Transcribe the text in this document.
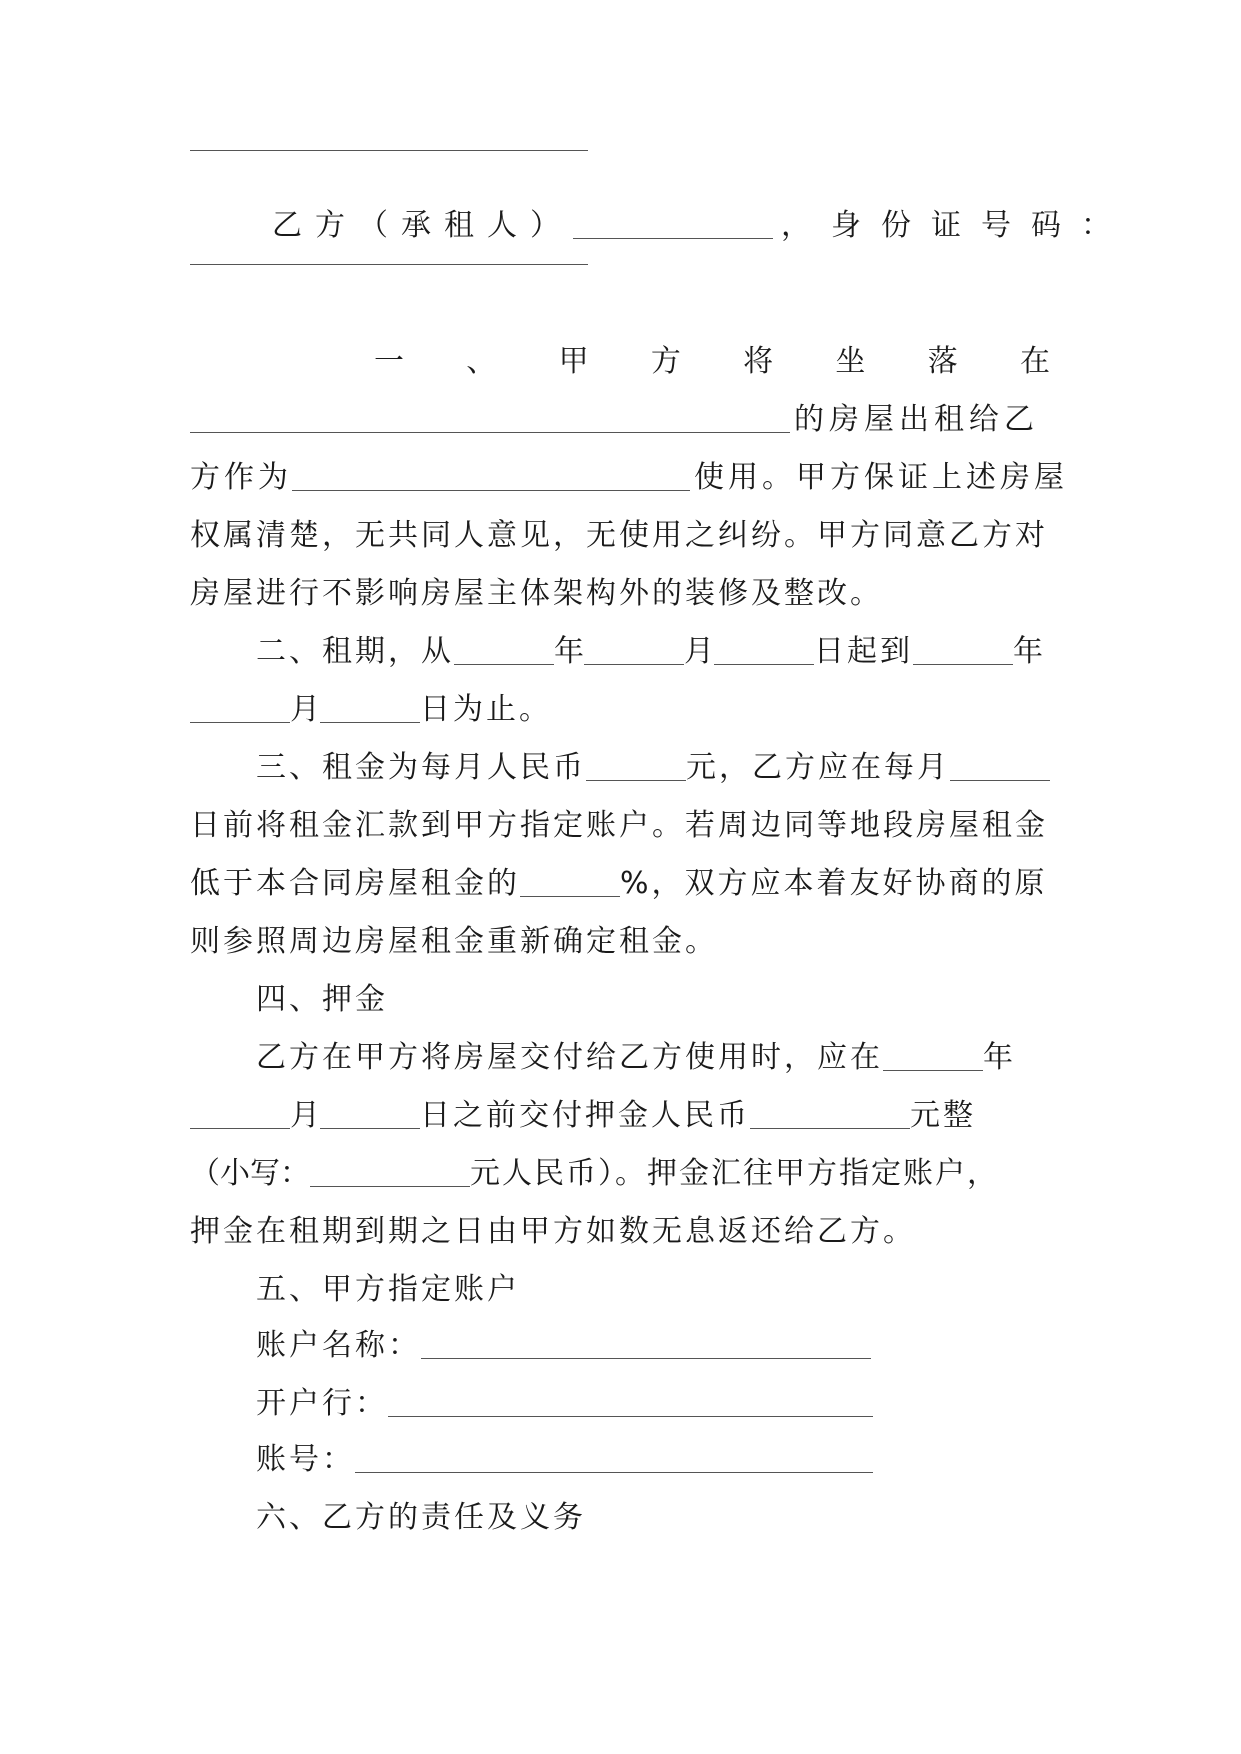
乙方（承租人）	，身份证号码：
一 、 甲 方 将 坐 落 在
的房屋出租给乙
方作为	使用。甲方保证上述房屋
权属清楚，无共同人意见，无使用之纠纷。甲方同意乙方对
房屋进行不影响房屋主体架构外的装修及整改。
二、租期，从	年	月	日起到	年
月	日为止。
三、租金为每月人民币	元，乙方应在每月
日前将租金汇款到甲方指定账户。若周边同等地段房屋租金
低于本合同房屋租金的	%，双方应本着友好协商的原
则参照周边房屋租金重新确定租金。
四、押金
乙方在甲方将房屋交付给乙方使用时，应在	年
月	日之前交付押金人民币	元整
（小写：	元人民币）。押金汇往甲方指定账户，
押金在租期到期之日由甲方如数无息返还给乙方。
五、甲方指定账户
账户名称：
开户行：
账号：
六、乙方的责任及义务
